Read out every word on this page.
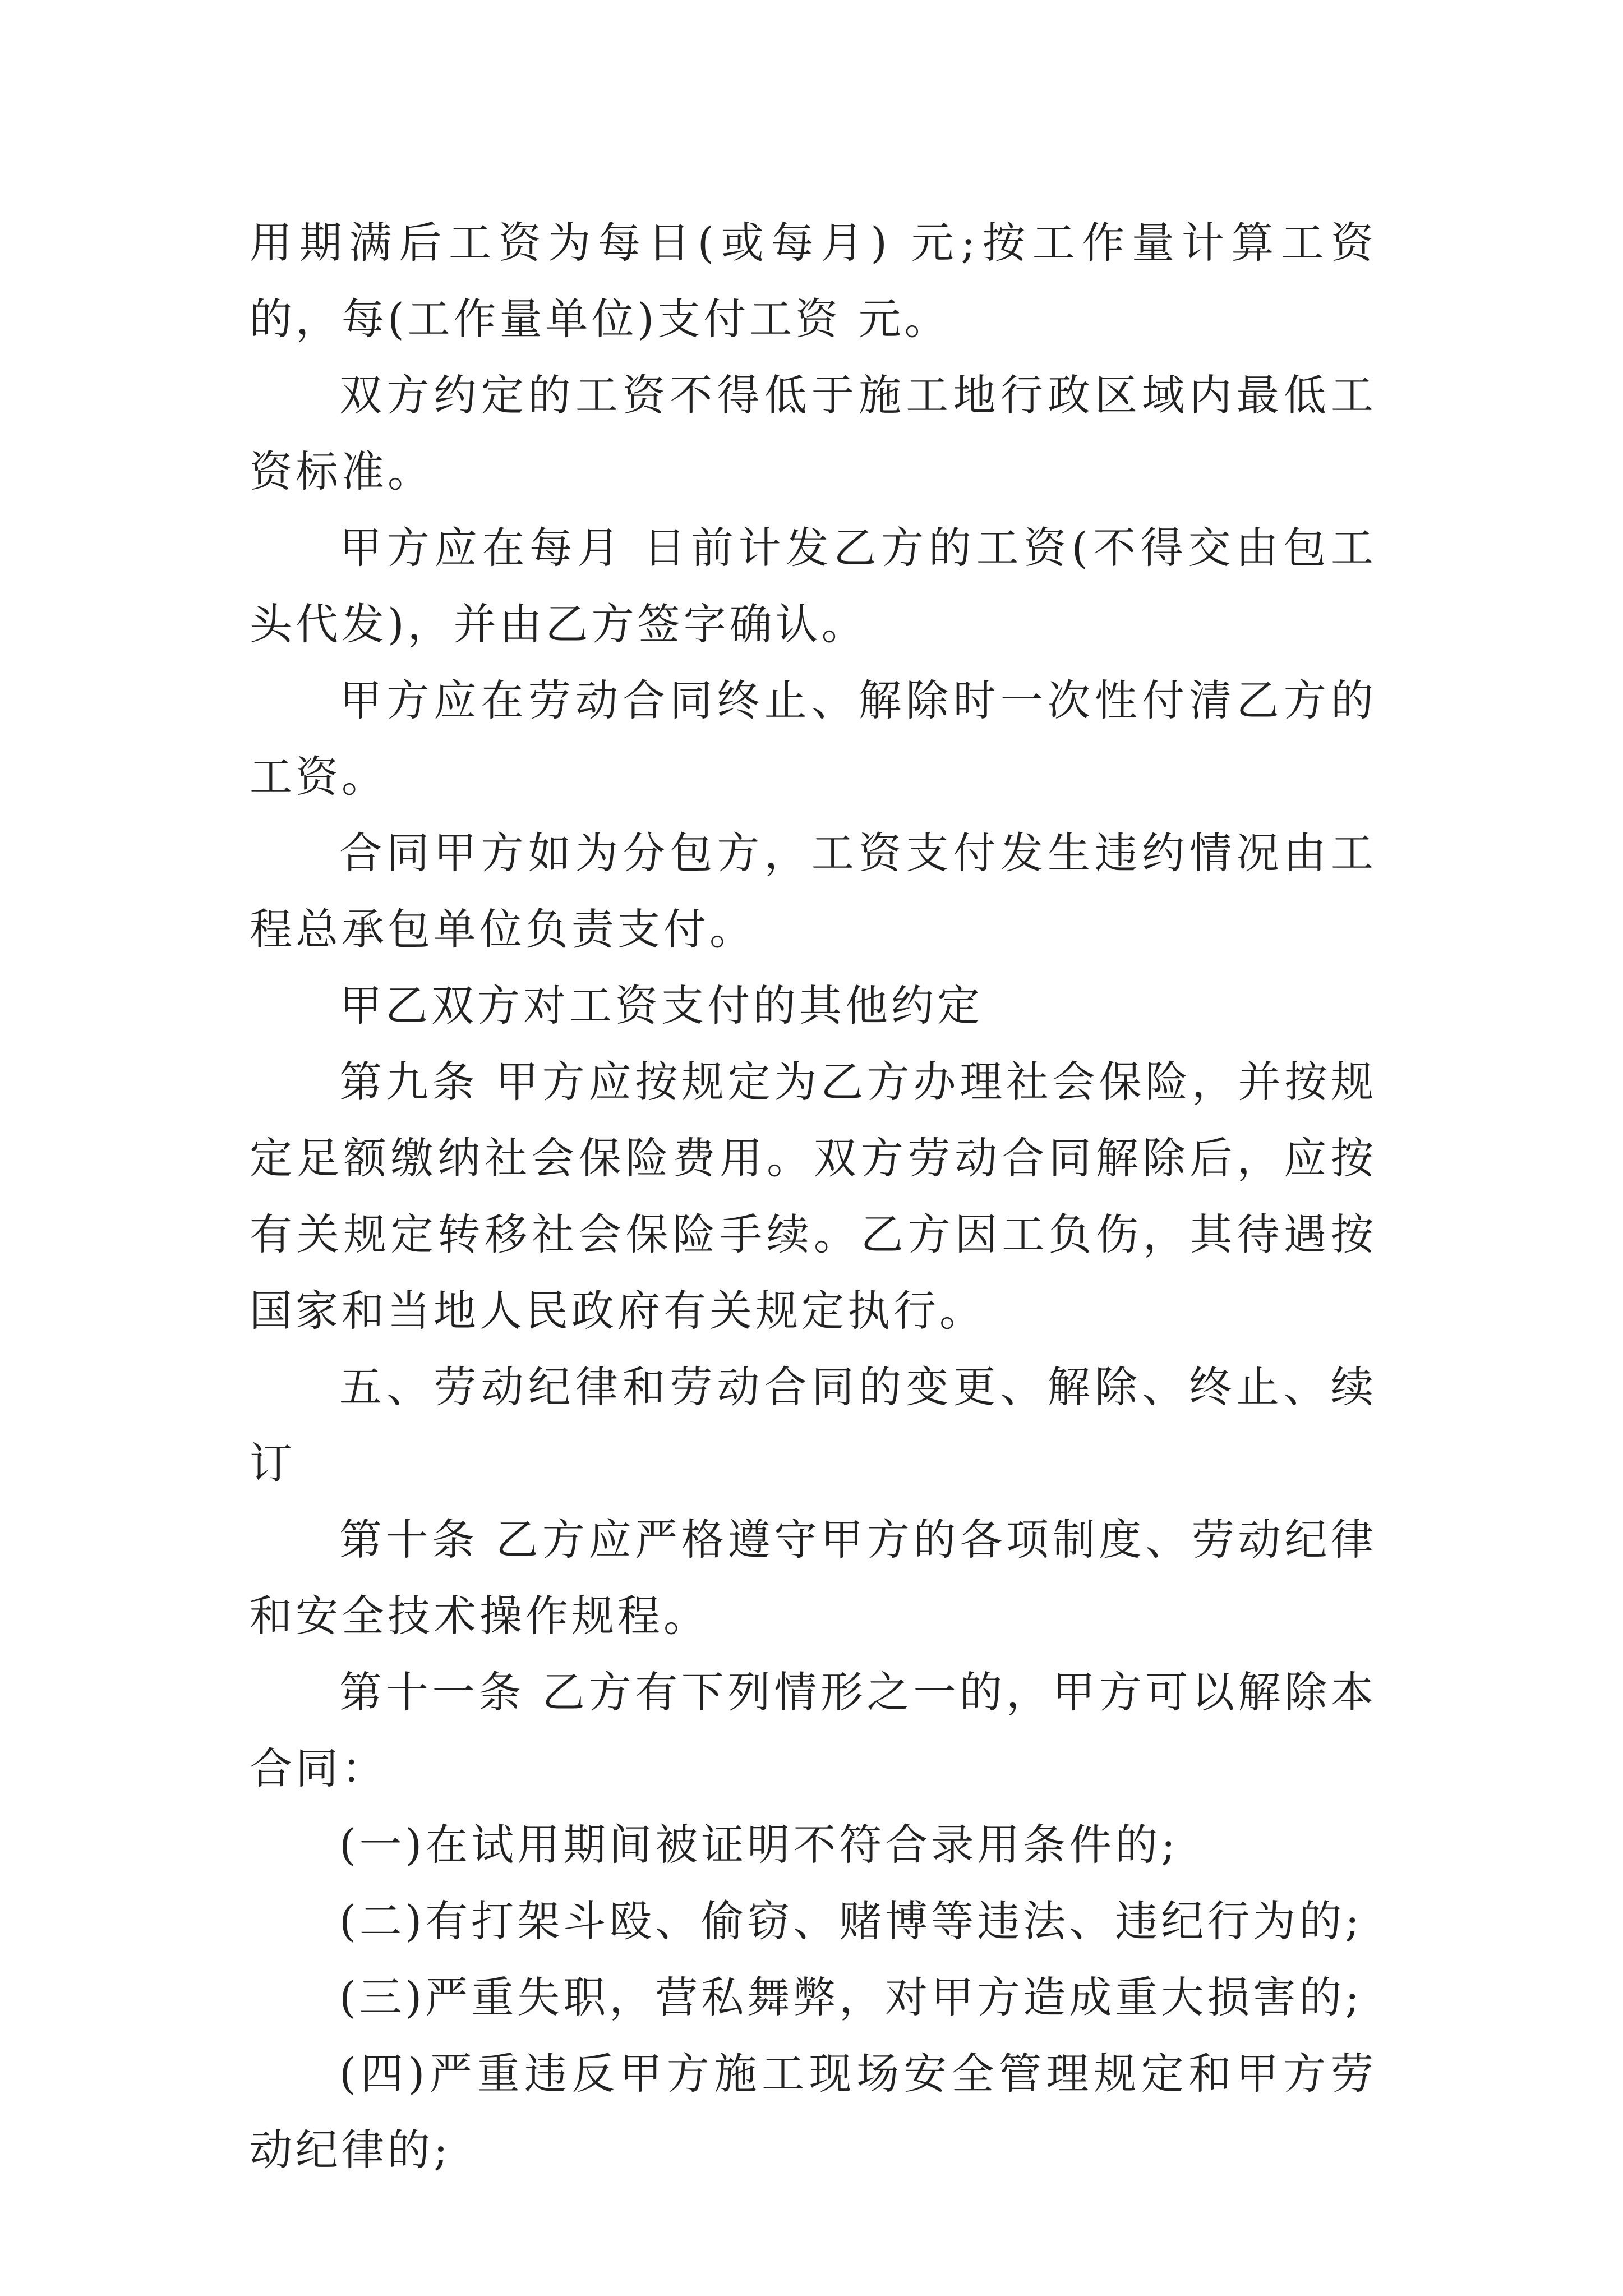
用期满后工资为每日(或每月) 元;按工作量计算工资的，每(工作量单位)支付工资 元。

双方约定的工资不得低于施工地行政区域内最低工资标准。

甲方应在每月 日前计发乙方的工资(不得交由包工头代发)，并由乙方签字确认。

甲方应在劳动合同终止、解除时一次性付清乙方的工资。

合同甲方如为分包方，工资支付发生违约情况由工程总承包单位负责支付。

甲乙双方对工资支付的其他约定

第九条 甲方应按规定为乙方办理社会保险，并按规定足额缴纳社会保险费用。双方劳动合同解除后，应按有关规定转移社会保险手续。乙方因工负伤，其待遇按国家和当地人民政府有关规定执行。

五、劳动纪律和劳动合同的变更、解除、终止、续订

第十条 乙方应严格遵守甲方的各项制度、劳动纪律和安全技术操作规程。

第十一条 乙方有下列情形之一的，甲方可以解除本合同：

(一)在试用期间被证明不符合录用条件的;

(二)有打架斗殴、偷窃、赌博等违法、违纪行为的;

(三)严重失职，营私舞弊，对甲方造成重大损害的;

(四)严重违反甲方施工现场安全管理规定和甲方劳动纪律的;
